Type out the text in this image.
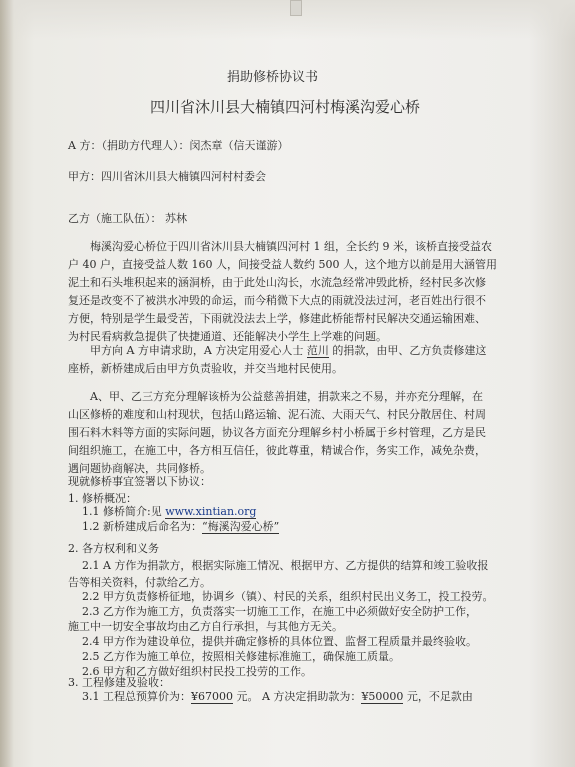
捐助修桥协议书
四川省沐川县大楠镇四河村梅溪沟爱心桥
A 方：（捐助方代理人）：闵杰章（信天谨游）
甲方：四川省沐川县大楠镇四河村村委会
乙方（施工队伍）： 苏林
梅溪沟爱心桥位于四川省沐川县大楠镇四河村 1 组，全长约 9 米，该桥直接受益农
户 40 户，直接受益人数 160 人，间接受益人数约 500 人，这个地方以前是用大涵管用
泥土和石头堆积起来的涵洞桥，由于此处山沟长，水流急经常冲毁此桥，经村民多次修
复还是改变不了被洪水冲毁的命运，而今稍微下大点的雨就没法过河，老百姓出行很不
方便，特别是学生最受苦，下雨就没法去上学，修建此桥能帮村民解决交通运输困难、
为村民看病救急提供了快捷通道、还能解决小学生上学难的问题。
甲方向 A 方申请求助，A 方决定用爱心人士 范川 的捐款，由甲、乙方负责修建这
座桥，新桥建成后由甲方负责验收，并交当地村民使用。
A、甲、乙三方充分理解该桥为公益慈善捐建，捐款来之不易，并亦充分理解，在
山区修桥的难度和山村现状，包括山路运输、泥石流、大雨天气、村民分散居住、村周
围石料木料等方面的实际问题，协议各方面充分理解乡村小桥属于乡村管理，乙方是民
间组织施工，在施工中，各方相互信任，彼此尊重，精诚合作，务实工作，减免杂费，
遇问题协商解决，共同修桥。
现就修桥事宜签署以下协议：
1. 修桥概况：
1.1 修桥简介:见 www.xintian.org
1.2 新桥建成后命名为：“梅溪沟爱心桥”
2. 各方权利和义务
2.1 A 方作为捐款方，根据实际施工情况、根据甲方、乙方提供的结算和竣工验收报
告等相关资料，付款给乙方。
2.2 甲方负责修桥征地，协调乡（镇）、村民的关系，组织村民出义务工，投工投劳。
2.3 乙方作为施工方，负责落实一切施工工作，在施工中必须做好安全防护工作，
施工中一切安全事故均由乙方自行承担，与其他方无关。
2.4 甲方作为建设单位，提供并确定修桥的具体位置、监督工程质量并最终验收。
2.5 乙方作为施工单位，按照相关修建标准施工，确保施工质量。
2.6 甲方和乙方做好组织村民投工投劳的工作。
3. 工程修建及验收：
3.1 工程总预算价为：¥67000 元。 A 方决定捐助款为：¥50000 元，不足款由
